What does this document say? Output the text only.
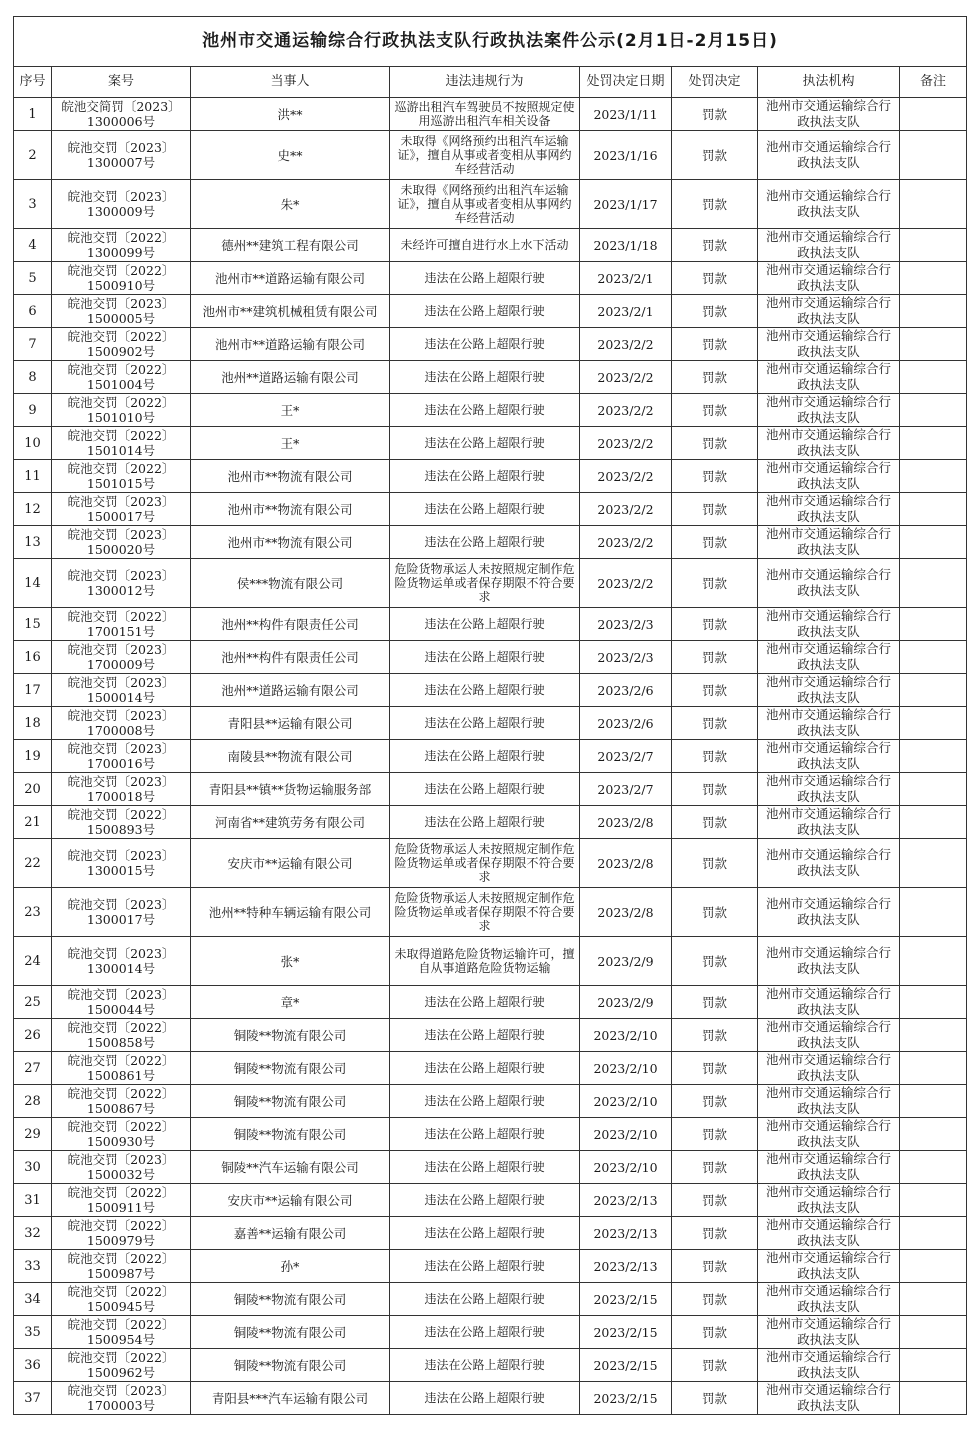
池州市交通运输综合行政执法支队行政执法案件公示(2月1日-2月15日)							
序号	案号	当事人	违法违规行为	处罚决定日期	处罚决定	执法机构	备注
1	皖池交简罚〔2023〕1300006号	洪**	巡游出租汽车驾驶员不按照规定使用巡游出租汽车相关设备	2023/1/11	罚款	池州市交通运输综合行政执法支队	
2	皖池交罚〔2023〕1300007号	史**	未取得《网络预约出租汽车运输证》，擅自从事或者变相从事网约车经营活动	2023/1/16	罚款	池州市交通运输综合行政执法支队	
3	皖池交罚〔2023〕1300009号	朱*	未取得《网络预约出租汽车运输证》，擅自从事或者变相从事网约车经营活动	2023/1/17	罚款	池州市交通运输综合行政执法支队	
4	皖池交罚〔2022〕1300099号	德州**建筑工程有限公司	未经许可擅自进行水上水下活动	2023/1/18	罚款	池州市交通运输综合行政执法支队	
5	皖池交罚〔2022〕1500910号	池州市**道路运输有限公司	违法在公路上超限行驶	2023/2/1	罚款	池州市交通运输综合行政执法支队	
6	皖池交罚〔2023〕1500005号	池州市**建筑机械租赁有限公司	违法在公路上超限行驶	2023/2/1	罚款	池州市交通运输综合行政执法支队	
7	皖池交罚〔2022〕1500902号	池州市**道路运输有限公司	违法在公路上超限行驶	2023/2/2	罚款	池州市交通运输综合行政执法支队	
8	皖池交罚〔2022〕1501004号	池州**道路运输有限公司	违法在公路上超限行驶	2023/2/2	罚款	池州市交通运输综合行政执法支队	
9	皖池交罚〔2022〕1501010号	王*	违法在公路上超限行驶	2023/2/2	罚款	池州市交通运输综合行政执法支队	
10	皖池交罚〔2022〕1501014号	王*	违法在公路上超限行驶	2023/2/2	罚款	池州市交通运输综合行政执法支队	
11	皖池交罚〔2022〕1501015号	池州市**物流有限公司	违法在公路上超限行驶	2023/2/2	罚款	池州市交通运输综合行政执法支队	
12	皖池交罚〔2023〕1500017号	池州市**物流有限公司	违法在公路上超限行驶	2023/2/2	罚款	池州市交通运输综合行政执法支队	
13	皖池交罚〔2023〕1500020号	池州市**物流有限公司	违法在公路上超限行驶	2023/2/2	罚款	池州市交通运输综合行政执法支队	
14	皖池交罚〔2023〕1300012号	侯***物流有限公司	危险货物承运人未按照规定制作危险货物运单或者保存期限不符合要求	2023/2/2	罚款	池州市交通运输综合行政执法支队	
15	皖池交罚〔2022〕1700151号	池州**构件有限责任公司	违法在公路上超限行驶	2023/2/3	罚款	池州市交通运输综合行政执法支队	
16	皖池交罚〔2023〕1700009号	池州**构件有限责任公司	违法在公路上超限行驶	2023/2/3	罚款	池州市交通运输综合行政执法支队	
17	皖池交罚〔2023〕1500014号	池州**道路运输有限公司	违法在公路上超限行驶	2023/2/6	罚款	池州市交通运输综合行政执法支队	
18	皖池交罚〔2023〕1700008号	青阳县**运输有限公司	违法在公路上超限行驶	2023/2/6	罚款	池州市交通运输综合行政执法支队	
19	皖池交罚〔2023〕1700016号	南陵县**物流有限公司	违法在公路上超限行驶	2023/2/7	罚款	池州市交通运输综合行政执法支队	
20	皖池交罚〔2023〕1700018号	青阳县**镇**货物运输服务部	违法在公路上超限行驶	2023/2/7	罚款	池州市交通运输综合行政执法支队	
21	皖池交罚〔2022〕1500893号	河南省**建筑劳务有限公司	违法在公路上超限行驶	2023/2/8	罚款	池州市交通运输综合行政执法支队	
22	皖池交罚〔2023〕1300015号	安庆市**运输有限公司	危险货物承运人未按照规定制作危险货物运单或者保存期限不符合要求	2023/2/8	罚款	池州市交通运输综合行政执法支队	
23	皖池交罚〔2023〕1300017号	池州**特种车辆运输有限公司	危险货物承运人未按照规定制作危险货物运单或者保存期限不符合要求	2023/2/8	罚款	池州市交通运输综合行政执法支队	
24	皖池交罚〔2023〕1300014号	张*	未取得道路危险货物运输许可，擅自从事道路危险货物运输	2023/2/9	罚款	池州市交通运输综合行政执法支队	
25	皖池交罚〔2023〕1500044号	章*	违法在公路上超限行驶	2023/2/9	罚款	池州市交通运输综合行政执法支队	
26	皖池交罚〔2022〕1500858号	铜陵**物流有限公司	违法在公路上超限行驶	2023/2/10	罚款	池州市交通运输综合行政执法支队	
27	皖池交罚〔2022〕1500861号	铜陵**物流有限公司	违法在公路上超限行驶	2023/2/10	罚款	池州市交通运输综合行政执法支队	
28	皖池交罚〔2022〕1500867号	铜陵**物流有限公司	违法在公路上超限行驶	2023/2/10	罚款	池州市交通运输综合行政执法支队	
29	皖池交罚〔2022〕1500930号	铜陵**物流有限公司	违法在公路上超限行驶	2023/2/10	罚款	池州市交通运输综合行政执法支队	
30	皖池交罚〔2023〕1500032号	铜陵**汽车运输有限公司	违法在公路上超限行驶	2023/2/10	罚款	池州市交通运输综合行政执法支队	
31	皖池交罚〔2022〕1500911号	安庆市**运输有限公司	违法在公路上超限行驶	2023/2/13	罚款	池州市交通运输综合行政执法支队	
32	皖池交罚〔2022〕1500979号	嘉善**运输有限公司	违法在公路上超限行驶	2023/2/13	罚款	池州市交通运输综合行政执法支队	
33	皖池交罚〔2022〕1500987号	孙*	违法在公路上超限行驶	2023/2/13	罚款	池州市交通运输综合行政执法支队	
34	皖池交罚〔2022〕1500945号	铜陵**物流有限公司	违法在公路上超限行驶	2023/2/15	罚款	池州市交通运输综合行政执法支队	
35	皖池交罚〔2022〕1500954号	铜陵**物流有限公司	违法在公路上超限行驶	2023/2/15	罚款	池州市交通运输综合行政执法支队	
36	皖池交罚〔2022〕1500962号	铜陵**物流有限公司	违法在公路上超限行驶	2023/2/15	罚款	池州市交通运输综合行政执法支队	
37	皖池交罚〔2023〕1700003号	青阳县***汽车运输有限公司	违法在公路上超限行驶	2023/2/15	罚款	池州市交通运输综合行政执法支队	
